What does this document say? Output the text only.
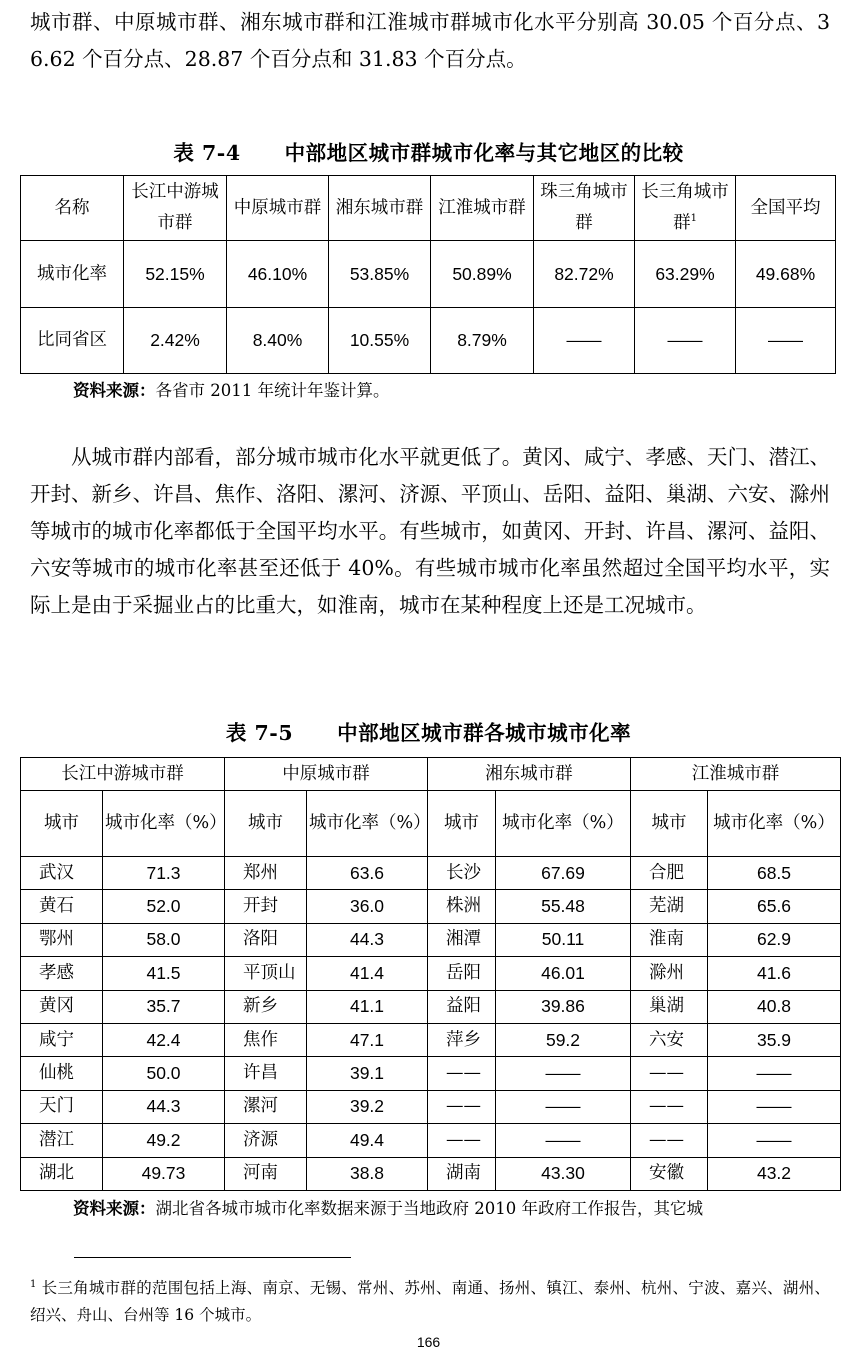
城市群、中原城市群、湘东城市群和江淮城市群城市化水平分别高 30.05 个百分点、36.62 个百分点、28.87 个百分点和 31.83 个百分点。

表 7-4 中部地区城市群城市化率与其它地区的比较

名称	长江中游城市群	中原城市群	湘东城市群	江淮城市群	珠三角城市群	长三角城市群$^1$	全国平均
城市化率	52.15%	46.10%	53.85%	50.89%	82.72%	63.29%	49.68%
比同省区	2.42%	8.40%	10.55%	8.79%	——	——	——

资料来源：各省市 2011 年统计年鉴计算。

从城市群内部看，部分城市城市化水平就更低了。黄冈、咸宁、孝感、天门、潜江、开封、新乡、许昌、焦作、洛阳、漯河、济源、平顶山、岳阳、益阳、巢湖、六安、滁州等城市的城市化率都低于全国平均水平。有些城市，如黄冈、开封、许昌、漯河、益阳、六安等城市的城市化率甚至还低于 40%。有些城市城市化率虽然超过全国平均水平，实际上是由于采掘业占的比重大，如淮南，城市在某种程度上还是工况城市。

表 7-5 中部地区城市群各城市城市化率

长江中游城市群		中原城市群		湘东城市群		江淮城市群	
城市	城市化率（%）	城市	城市化率（%）	城市	城市化率（%）	城市	城市化率（%）
武汉	71.3	郑州	63.6	长沙	67.69	合肥	68.5
黄石	52.0	开封	36.0	株洲	55.48	芜湖	65.6
鄂州	58.0	洛阳	44.3	湘潭	50.11	淮南	62.9
孝感	41.5	平顶山	41.4	岳阳	46.01	滁州	41.6
黄冈	35.7	新乡	41.1	益阳	39.86	巢湖	40.8
咸宁	42.4	焦作	47.1	萍乡	59.2	六安	35.9
仙桃	50.0	许昌	39.1	——	——	——	——
天门	44.3	漯河	39.2	——	——	——	——
潜江	49.2	济源	49.4	——	——	——	——
湖北	49.73	河南	38.8	湖南	43.30	安徽	43.2

资料来源：湖北省各城市城市化率数据来源于当地政府 2010 年政府工作报告，其它城

$^1$ 长三角城市群的范围包括上海、南京、无锡、常州、苏州、南通、扬州、镇江、泰州、杭州、宁波、嘉兴、湖州、绍兴、舟山、台州等 16 个城市。

166
